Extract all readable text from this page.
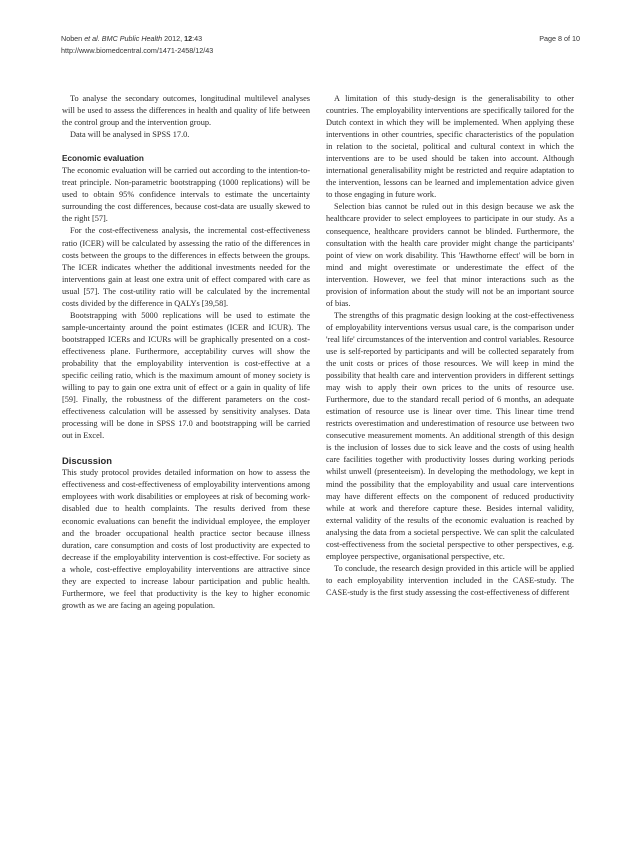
Noben et al. BMC Public Health 2012, 12:43
http://www.biomedcentral.com/1471-2458/12/43
Page 8 of 10

To analyse the secondary outcomes, longitudinal multilevel analyses will be used to assess the differences in health and quality of life between the control group and the intervention group.

Data will be analysed in SPSS 17.0.

Economic evaluation

The economic evaluation will be carried out according to the intention-to-treat principle. Non-parametric bootstrapping (1000 replications) will be used to obtain 95% confidence intervals to estimate the uncertainty surrounding the cost differences, because cost-data are usually skewed to the right [57].

For the cost-effectiveness analysis, the incremental cost-effectiveness ratio (ICER) will be calculated by assessing the ratio of the differences in costs between the groups to the differences in effects between the groups. The ICER indicates whether the additional investments needed for the interventions gain at least one extra unit of effect compared with care as usual [57]. The cost-utility ratio will be calculated by the incremental costs divided by the difference in QALYs [39,58].

Bootstrapping with 5000 replications will be used to estimate the sample-uncertainty around the point estimates (ICER and ICUR). The bootstrapped ICERs and ICURs will be graphically presented on a cost-effectiveness plane. Furthermore, acceptability curves will show the probability that the employability intervention is cost-effective at a specific ceiling ratio, which is the maximum amount of money society is willing to pay to gain one extra unit of effect or a gain in quality of life [59]. Finally, the robustness of the different parameters on the cost-effectiveness calculation will be assessed by sensitivity analyses. Data processing will be done in SPSS 17.0 and bootstrapping will be carried out in Excel.

Discussion

This study protocol provides detailed information on how to assess the effectiveness and cost-effectiveness of employability interventions among employees with work disabilities or employees at risk of becoming work-disabled due to health complaints. The results derived from these economic evaluations can benefit the individual employee, the employer and the broader occupational health practice sector because illness duration, care consumption and costs of lost productivity are expected to decrease if the employability intervention is cost-effective. For society as a whole, cost-effective employability interventions are attractive since they are expected to increase labour participation and public health. Furthermore, we feel that productivity is the key to higher economic growth as we are facing an ageing population.

A limitation of this study-design is the generalisability to other countries. The employability interventions are specifically tailored for the Dutch context in which they will be implemented. When applying these interventions in other countries, specific characteristics of the population in relation to the societal, political and cultural context in which the interventions are to be used should be taken into account. Although international generalisability might be restricted and require adaptation to the intervention, lessons can be learned and implementation advice given to those engaging in future work.

Selection bias cannot be ruled out in this design because we ask the healthcare provider to select employees to participate in our study. As a consequence, healthcare providers cannot be blinded. Furthermore, the consultation with the health care provider might change the participants' point of view on work disability. This 'Hawthorne effect' will be born in mind and might overestimate or underestimate the effect of the intervention. However, we feel that minor interactions such as the provision of information about the study will not be an important source of bias.

The strengths of this pragmatic design looking at the cost-effectiveness of employability interventions versus usual care, is the comparison under 'real life' circumstances of the intervention and control variables. Resource use is self-reported by participants and will be collected separately from the unit costs or prices of those resources. We will keep in mind the possibility that health care and intervention providers in different settings may wish to apply their own prices to the units of resource use. Furthermore, due to the standard recall period of 6 months, an adequate estimation of resource use is linear over time. This linear time trend restricts overestimation and underestimation of resource use between two consecutive measurement moments. An additional strength of this design is the inclusion of losses due to sick leave and the costs of using health care facilities together with productivity losses during working periods whilst unwell (presenteeism). In developing the methodology, we kept in mind the possibility that the employability and usual care interventions may have different effects on the component of reduced productivity while at work and therefore capture these. Besides internal validity, external validity of the results of the economic evaluation is reached by analysing the data from a societal perspective. We can split the calculated cost-effectiveness from the societal perspective to other perspectives, e.g. employee perspective, organisational perspective, etc.

To conclude, the research design provided in this article will be applied to each employability intervention included in the CASE-study. The CASE-study is the first study assessing the cost-effectiveness of different
